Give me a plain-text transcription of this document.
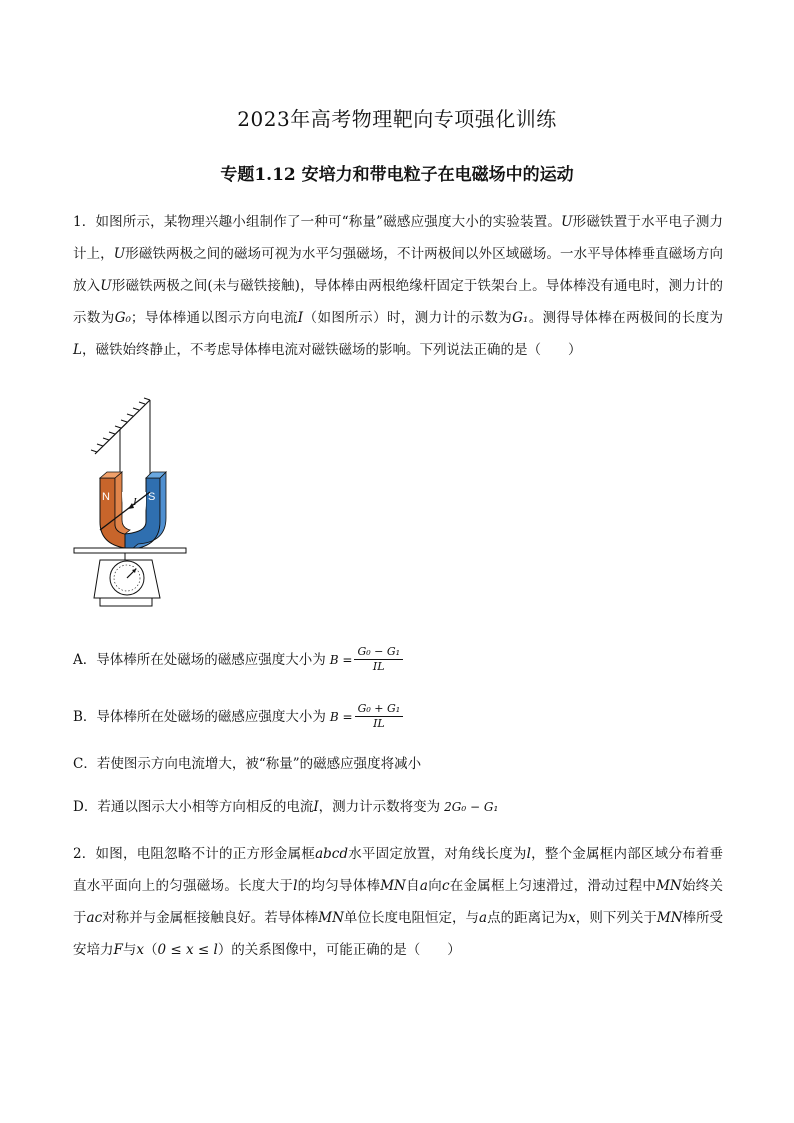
2023年高考物理靶向专项强化训练
专题1.12 安培力和带电粒子在电磁场中的运动
1．如图所示，某物理兴趣小组制作了一种可“称量”磁感应强度大小的实验装置。U形磁铁置于水平电子测力计上，U形磁铁两极之间的磁场可视为水平匀强磁场，不计两极间以外区域磁场。一水平导体棒垂直磁场方向放入U形磁铁两极之间(未与磁铁接触)，导体棒由两根绝缘杆固定于铁架台上。导体棒没有通电时，测力计的示数为G₀；导体棒通以图示方向电流I（如图所示）时，测力计的示数为G₁。测得导体棒在两极间的长度为L，磁铁始终静止，不考虑导体棒电流对磁铁磁场的影响。下列说法正确的是（　　）
N	S
I
A．导体棒所在处磁场的磁感应强度大小为 $B = \frac{\text{G₀ − G₁}}{IL}$
B．导体棒所在处磁场的磁感应强度大小为 $B = \frac{\text{G₀ + G₁}}{IL}$
C．若使图示方向电流增大，被“称量”的磁感应强度将减小
D．若通以图示大小相等方向相反的电流 I ，测力计示数将变为 2G₀ − G₁
2．如图，电阻忽略不计的正方形金属框abcd水平固定放置，对角线长度为l，整个金属框内部区域分布着垂直水平面向上的匀强磁场。长度大于l的均匀导体棒MN自a向c在金属框上匀速滑过，滑动过程中MN始终关于ac对称并与金属框接触良好。若导体棒MN单位长度电阻恒定，与a点的距离记为x，则下列关于MN棒所受安培力F与x（0 ≤ x ≤ l）的关系图像中，可能正确的是（　　）
